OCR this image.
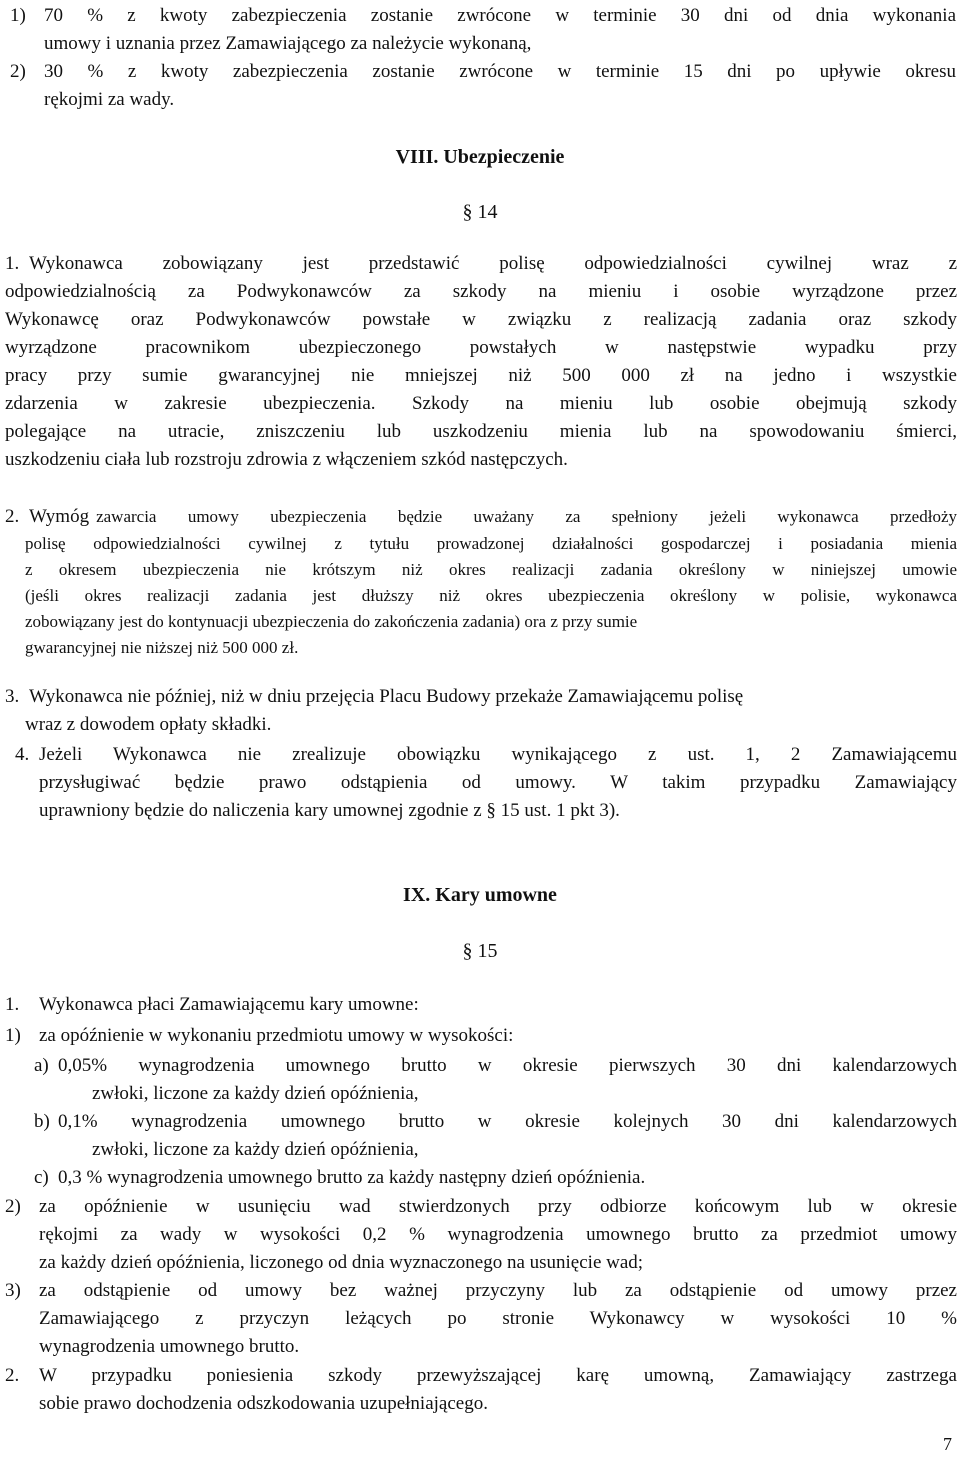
1) 70 % z kwoty zabezpieczenia zostanie zwrócone w terminie 30 dni od dnia wykonania
umowy i uznania przez Zamawiającego za należycie wykonaną,
2) 30 % z kwoty zabezpieczenia zostanie zwrócone w terminie 15 dni po upływie okresu
rękojmi za wady.
VIII. Ubezpieczenie
§ 14
1. Wykonawca zobowiązany jest przedstawić polisę odpowiedzialności cywilnej wraz z
odpowiedzialnością za Podwykonawców za szkody na mieniu i osobie wyrządzone przez
Wykonawcę oraz Podwykonawców powstałe w związku z realizacją zadania oraz szkody
wyrządzone pracownikom ubezpieczonego powstałych w następstwie wypadku przy
pracy przy sumie gwarancyjnej nie mniejszej niż 500 000 zł na jedno i wszystkie
zdarzenia w zakresie ubezpieczenia. Szkody na mieniu lub osobie obejmują szkody
polegające na utracie, zniszczeniu lub uszkodzeniu mienia lub na spowodowaniu śmierci,
uszkodzeniu ciała lub rozstroju zdrowia z włączeniem szkód następczych.
2. Wymóg zawarcia umowy ubezpieczenia będzie uważany za spełniony jeżeli wykonawca przedłoży
polisę odpowiedzialności cywilnej z tytułu prowadzonej działalności gospodarczej i posiadania mienia
z okresem ubezpieczenia nie krótszym niż okres realizacji zadania określony w niniejszej umowie
(jeśli okres realizacji zadania jest dłuższy niż okres ubezpieczenia określony w polisie, wykonawca
zobowiązany jest do kontynuacji ubezpieczenia do zakończenia zadania) ora z przy sumie
gwarancyjnej nie niższej niż 500 000 zł.
3. Wykonawca nie później, niż w dniu przejęcia Placu Budowy przekaże Zamawiającemu polisę
wraz z dowodem opłaty składki.
4. Jeżeli Wykonawca nie zrealizuje obowiązku wynikającego z ust. 1, 2 Zamawiającemu
przysługiwać będzie prawo odstąpienia od umowy. W takim przypadku Zamawiający
uprawniony będzie do naliczenia kary umownej zgodnie z § 15 ust. 1 pkt 3).
IX. Kary umowne
§ 15
1.	Wykonawca płaci Zamawiającemu kary umowne:
1) za opóźnienie w wykonaniu przedmiotu umowy w wysokości:
a) 0,05% wynagrodzenia umownego brutto w okresie pierwszych 30 dni kalendarzowych
zwłoki, liczone za każdy dzień opóźnienia,
b) 0,1% wynagrodzenia umownego brutto w okresie kolejnych 30 dni kalendarzowych
zwłoki, liczone za każdy dzień opóźnienia,
c) 0,3 % wynagrodzenia umownego brutto za każdy następny dzień opóźnienia.
2) za opóźnienie w usunięciu wad stwierdzonych przy odbiorze końcowym lub w okresie
rękojmi za wady w wysokości 0,2 % wynagrodzenia umownego brutto za przedmiot umowy
za każdy dzień opóźnienia, liczonego od dnia wyznaczonego na usunięcie wad;
3) za odstąpienie od umowy bez ważnej przyczyny lub za odstąpienie od umowy przez
Zamawiającego z przyczyn leżących po stronie Wykonawcy w wysokości 10 %
wynagrodzenia umownego brutto.
2.	W przypadku poniesienia szkody przewyższającej karę umowną, Zamawiający zastrzega
sobie prawo dochodzenia odszkodowania uzupełniającego.
7
